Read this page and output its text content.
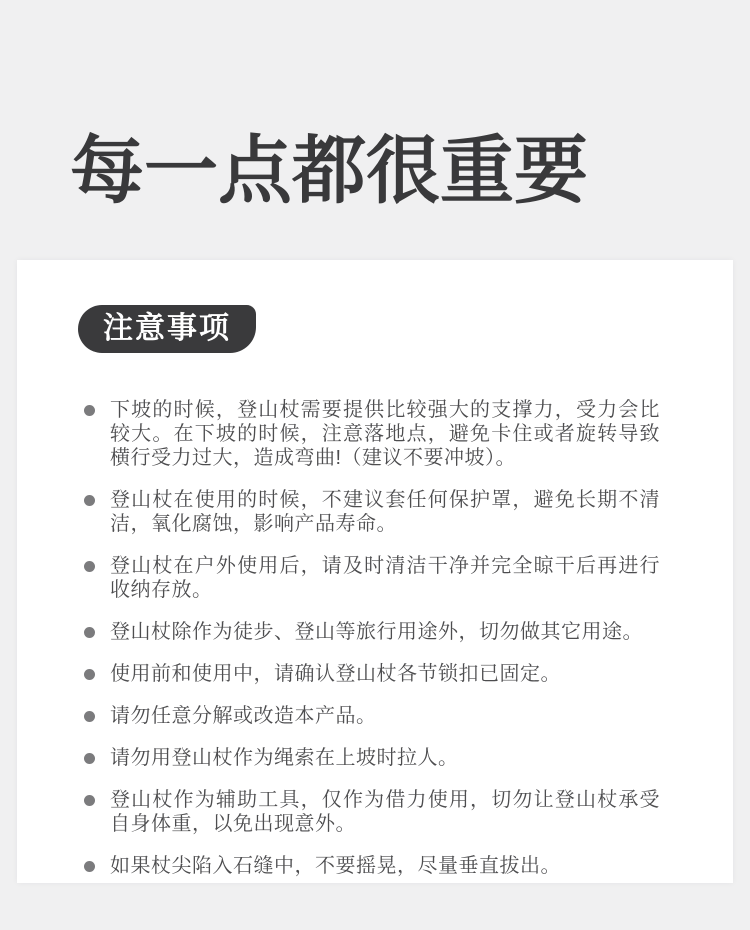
每一点都很重要
注意事项

下坡的时候，登山杖需要提供比较强大的支撑力，受力会比较大。在下坡的时候，注意落地点，避免卡住或者旋转导致横行受力过大，造成弯曲!（建议不要冲坡）。

登山杖在使用的时候，不建议套任何保护罩，避免长期不清洁，氧化腐蚀，影响产品寿命。

登山杖在户外使用后，请及时清洁干净并完全晾干后再进行收纳存放。

登山杖除作为徒步、登山等旅行用途外，切勿做其它用途。

使用前和使用中，请确认登山杖各节锁扣已固定。

请勿任意分解或改造本产品。

请勿用登山杖作为绳索在上坡时拉人。

登山杖作为辅助工具，仅作为借力使用，切勿让登山杖承受自身体重，以免出现意外。

如果杖尖陷入石缝中，不要摇晃，尽量垂直拔出。
